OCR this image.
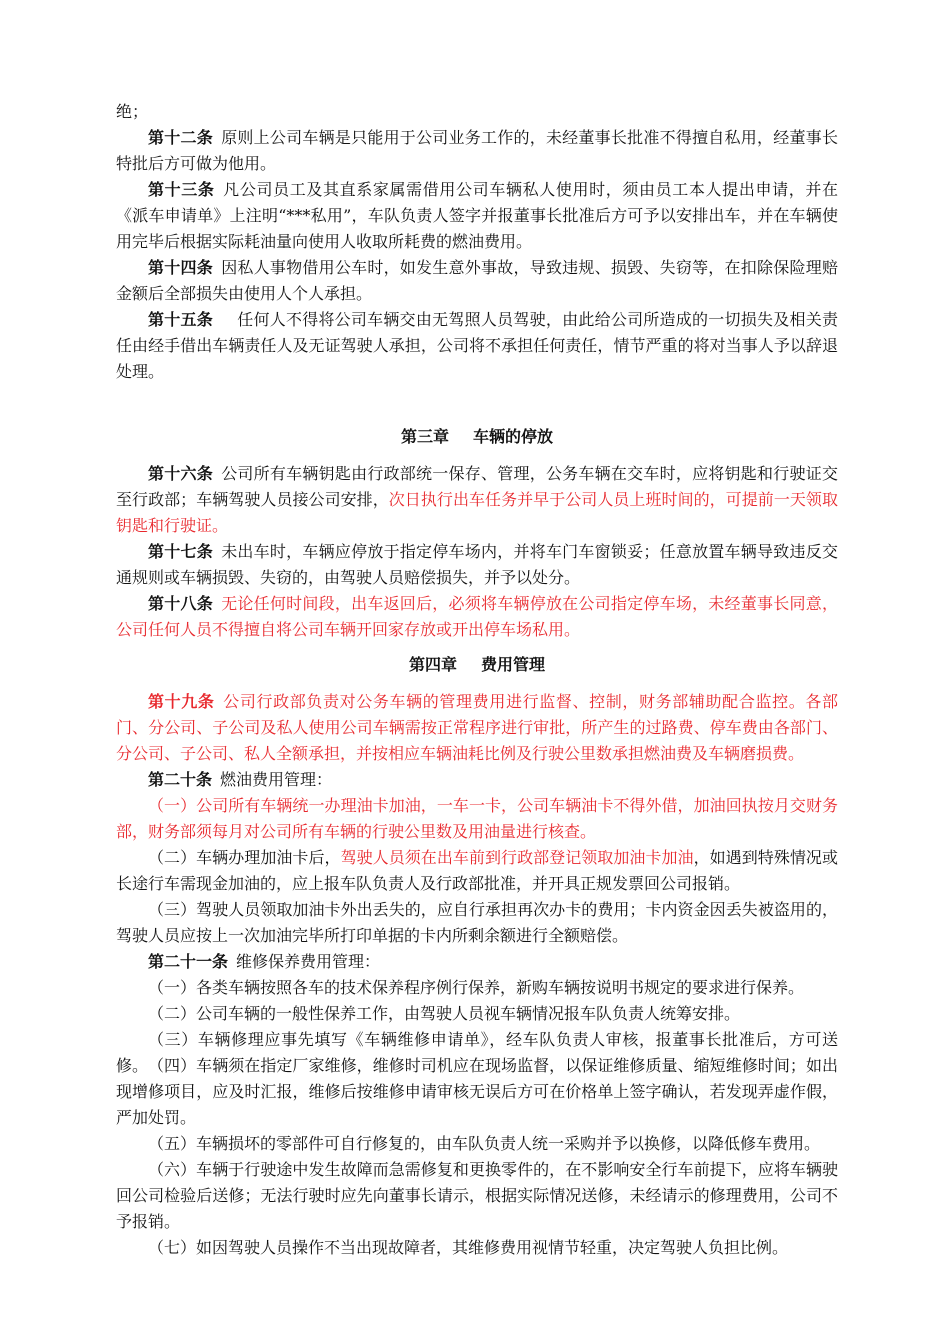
绝；

第十二条 原则上公司车辆是只能用于公司业务工作的，未经董事长批准不得擅自私用，经董事长特批后方可做为他用。

第十三条 凡公司员工及其直系家属需借用公司车辆私人使用时，须由员工本人提出申请，并在《派车申请单》上注明“***私用”，车队负责人签字并报董事长批准后方可予以安排出车，并在车辆使用完毕后根据实际耗油量向使用人收取所耗费的燃油费用。

第十四条 因私人事物借用公车时，如发生意外事故，导致违规、损毁、失窃等，在扣除保险理赔金额后全部损失由使用人个人承担。

第十五条 任何人不得将公司车辆交由无驾照人员驾驶，由此给公司所造成的一切损失及相关责任由经手借出车辆责任人及无证驾驶人承担，公司将不承担任何责任，情节严重的将对当事人予以辞退处理。

第三章 车辆的停放

第十六条 公司所有车辆钥匙由行政部统一保存、管理，公务车辆在交车时，应将钥匙和行驶证交至行政部；车辆驾驶人员接公司安排，次日执行出车任务并早于公司人员上班时间的，可提前一天领取钥匙和行驶证。

第十七条 未出车时，车辆应停放于指定停车场内，并将车门车窗锁妥；任意放置车辆导致违反交通规则或车辆损毁、失窃的，由驾驶人员赔偿损失，并予以处分。

第十八条 无论任何时间段，出车返回后，必须将车辆停放在公司指定停车场，未经董事长同意，公司任何人员不得擅自将公司车辆开回家存放或开出停车场私用。

第四章 费用管理

第十九条 公司行政部负责对公务车辆的管理费用进行监督、控制，财务部辅助配合监控。各部门、分公司、子公司及私人使用公司车辆需按正常程序进行审批，所产生的过路费、停车费由各部门、分公司、子公司、私人全额承担，并按相应车辆油耗比例及行驶公里数承担燃油费及车辆磨损费。

第二十条 燃油费用管理：

（一）公司所有车辆统一办理油卡加油，一车一卡，公司车辆油卡不得外借，加油回执按月交财务部，财务部须每月对公司所有车辆的行驶公里数及用油量进行核查。

（二）车辆办理加油卡后，驾驶人员须在出车前到行政部登记领取加油卡加油，如遇到特殊情况或长途行车需现金加油的，应上报车队负责人及行政部批准，并开具正规发票回公司报销。

（三）驾驶人员领取加油卡外出丢失的，应自行承担再次办卡的费用；卡内资金因丢失被盗用的，驾驶人员应按上一次加油完毕所打印单据的卡内所剩余额进行全额赔偿。

第二十一条 维修保养费用管理：

（一）各类车辆按照各车的技术保养程序例行保养，新购车辆按说明书规定的要求进行保养。

（二）公司车辆的一般性保养工作，由驾驶人员视车辆情况报车队负责人统筹安排。

（三）车辆修理应事先填写《车辆维修申请单》，经车队负责人审核，报董事长批准后，方可送修。 （四）车辆须在指定厂家维修，维修时司机应在现场监督，以保证维修质量、缩短维修时间；如出现增修项目，应及时汇报，维修后按维修申请审核无误后方可在价格单上签字确认，若发现弄虚作假，严加处罚。

（五）车辆损坏的零部件可自行修复的，由车队负责人统一采购并予以换修，以降低修车费用。

（六）车辆于行驶途中发生故障而急需修复和更换零件的，在不影响安全行车前提下，应将车辆驶回公司检验后送修；无法行驶时应先向董事长请示，根据实际情况送修，未经请示的修理费用，公司不予报销。

（七）如因驾驶人员操作不当出现故障者，其维修费用视情节轻重，决定驾驶人负担比例。
